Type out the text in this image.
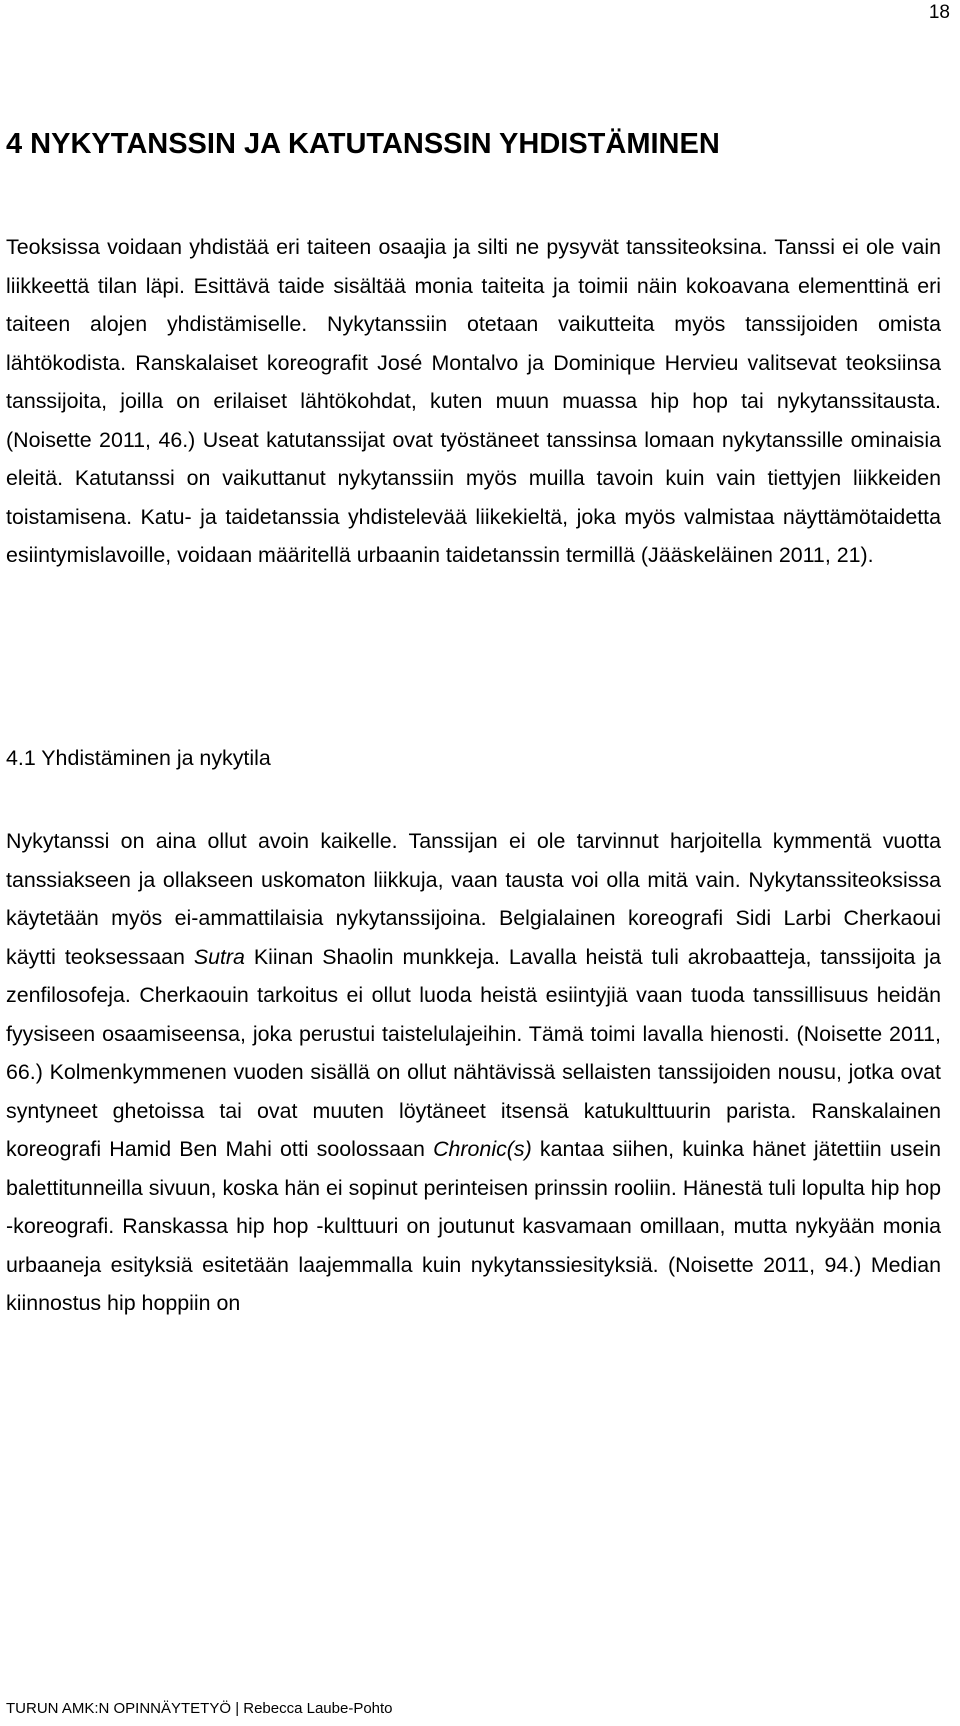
18
4 NYKYTANSSIN JA KATUTANSSIN YHDISTÄMINEN

Teoksissa voidaan yhdistää eri taiteen osaajia ja silti ne pysyvät tanssiteoksina. Tanssi ei ole vain liikkeettä tilan läpi. Esittävä taide sisältää monia taiteita ja toimii näin kokoavana elementtinä eri taiteen alojen yhdistämiselle. Nykytanssiin otetaan vaikutteita myös tanssijoiden omista lähtökodista. Ranskalaiset koreografit José Montalvo ja Dominique Hervieu valitsevat teoksiinsa tanssijoita, joilla on erilaiset lähtökohdat, kuten muun muassa hip hop tai nykytanssitausta. (Noisette 2011, 46.) Useat katutanssijat ovat työstäneet tanssinsa lomaan nykytanssille ominaisia eleitä. Katutanssi on vaikuttanut nykytanssiin myös muilla tavoin kuin vain tiettyjen liikkeiden toistamisena. Katu- ja taidetanssia yhdistelevää liikekieltä, joka myös valmistaa näyttämötaidetta esiintymislavoille, voidaan määritellä urbaanin taidetanssin termillä (Jääskeläinen 2011, 21).

4.1 Yhdistäminen ja nykytila

Nykytanssi on aina ollut avoin kaikelle. Tanssijan ei ole tarvinnut harjoitella kymmentä vuotta tanssiakseen ja ollakseen uskomaton liikkuja, vaan tausta voi olla mitä vain. Nykytanssiteoksissa käytetään myös ei-ammattilaisia nykytanssijoina. Belgialainen koreografi Sidi Larbi Cherkaoui käytti teoksessaan Sutra Kiinan Shaolin munkkeja. Lavalla heistä tuli akrobaatteja, tanssijoita ja zenfilosofeja. Cherkaouin tarkoitus ei ollut luoda heistä esiintyjiä vaan tuoda tanssillisuus heidän fyysiseen osaamiseensa, joka perustui taistelulajeihin. Tämä toimi lavalla hienosti. (Noisette 2011, 66.) Kolmenkymmenen vuoden sisällä on ollut nähtävissä sellaisten tanssijoiden nousu, jotka ovat syntyneet ghetoissa tai ovat muuten löytäneet itsensä katukulttuurin parista. Ranskalainen koreografi Hamid Ben Mahi otti soolossaan Chronic(s) kantaa siihen, kuinka hänet jätettiin usein balettitunneilla sivuun, koska hän ei sopinut perinteisen prinssin rooliin. Hänestä tuli lopulta hip hop -koreografi. Ranskassa hip hop -kulttuuri on joutunut kasvamaan omillaan, mutta nykyään monia urbaaneja esityksiä esitetään laajemmalla kuin nykytanssiesityksiä. (Noisette 2011, 94.) Median kiinnostus hip hoppiin on

TURUN AMK:N OPINNÄYTETYÖ | Rebecca Laube-Pohto
